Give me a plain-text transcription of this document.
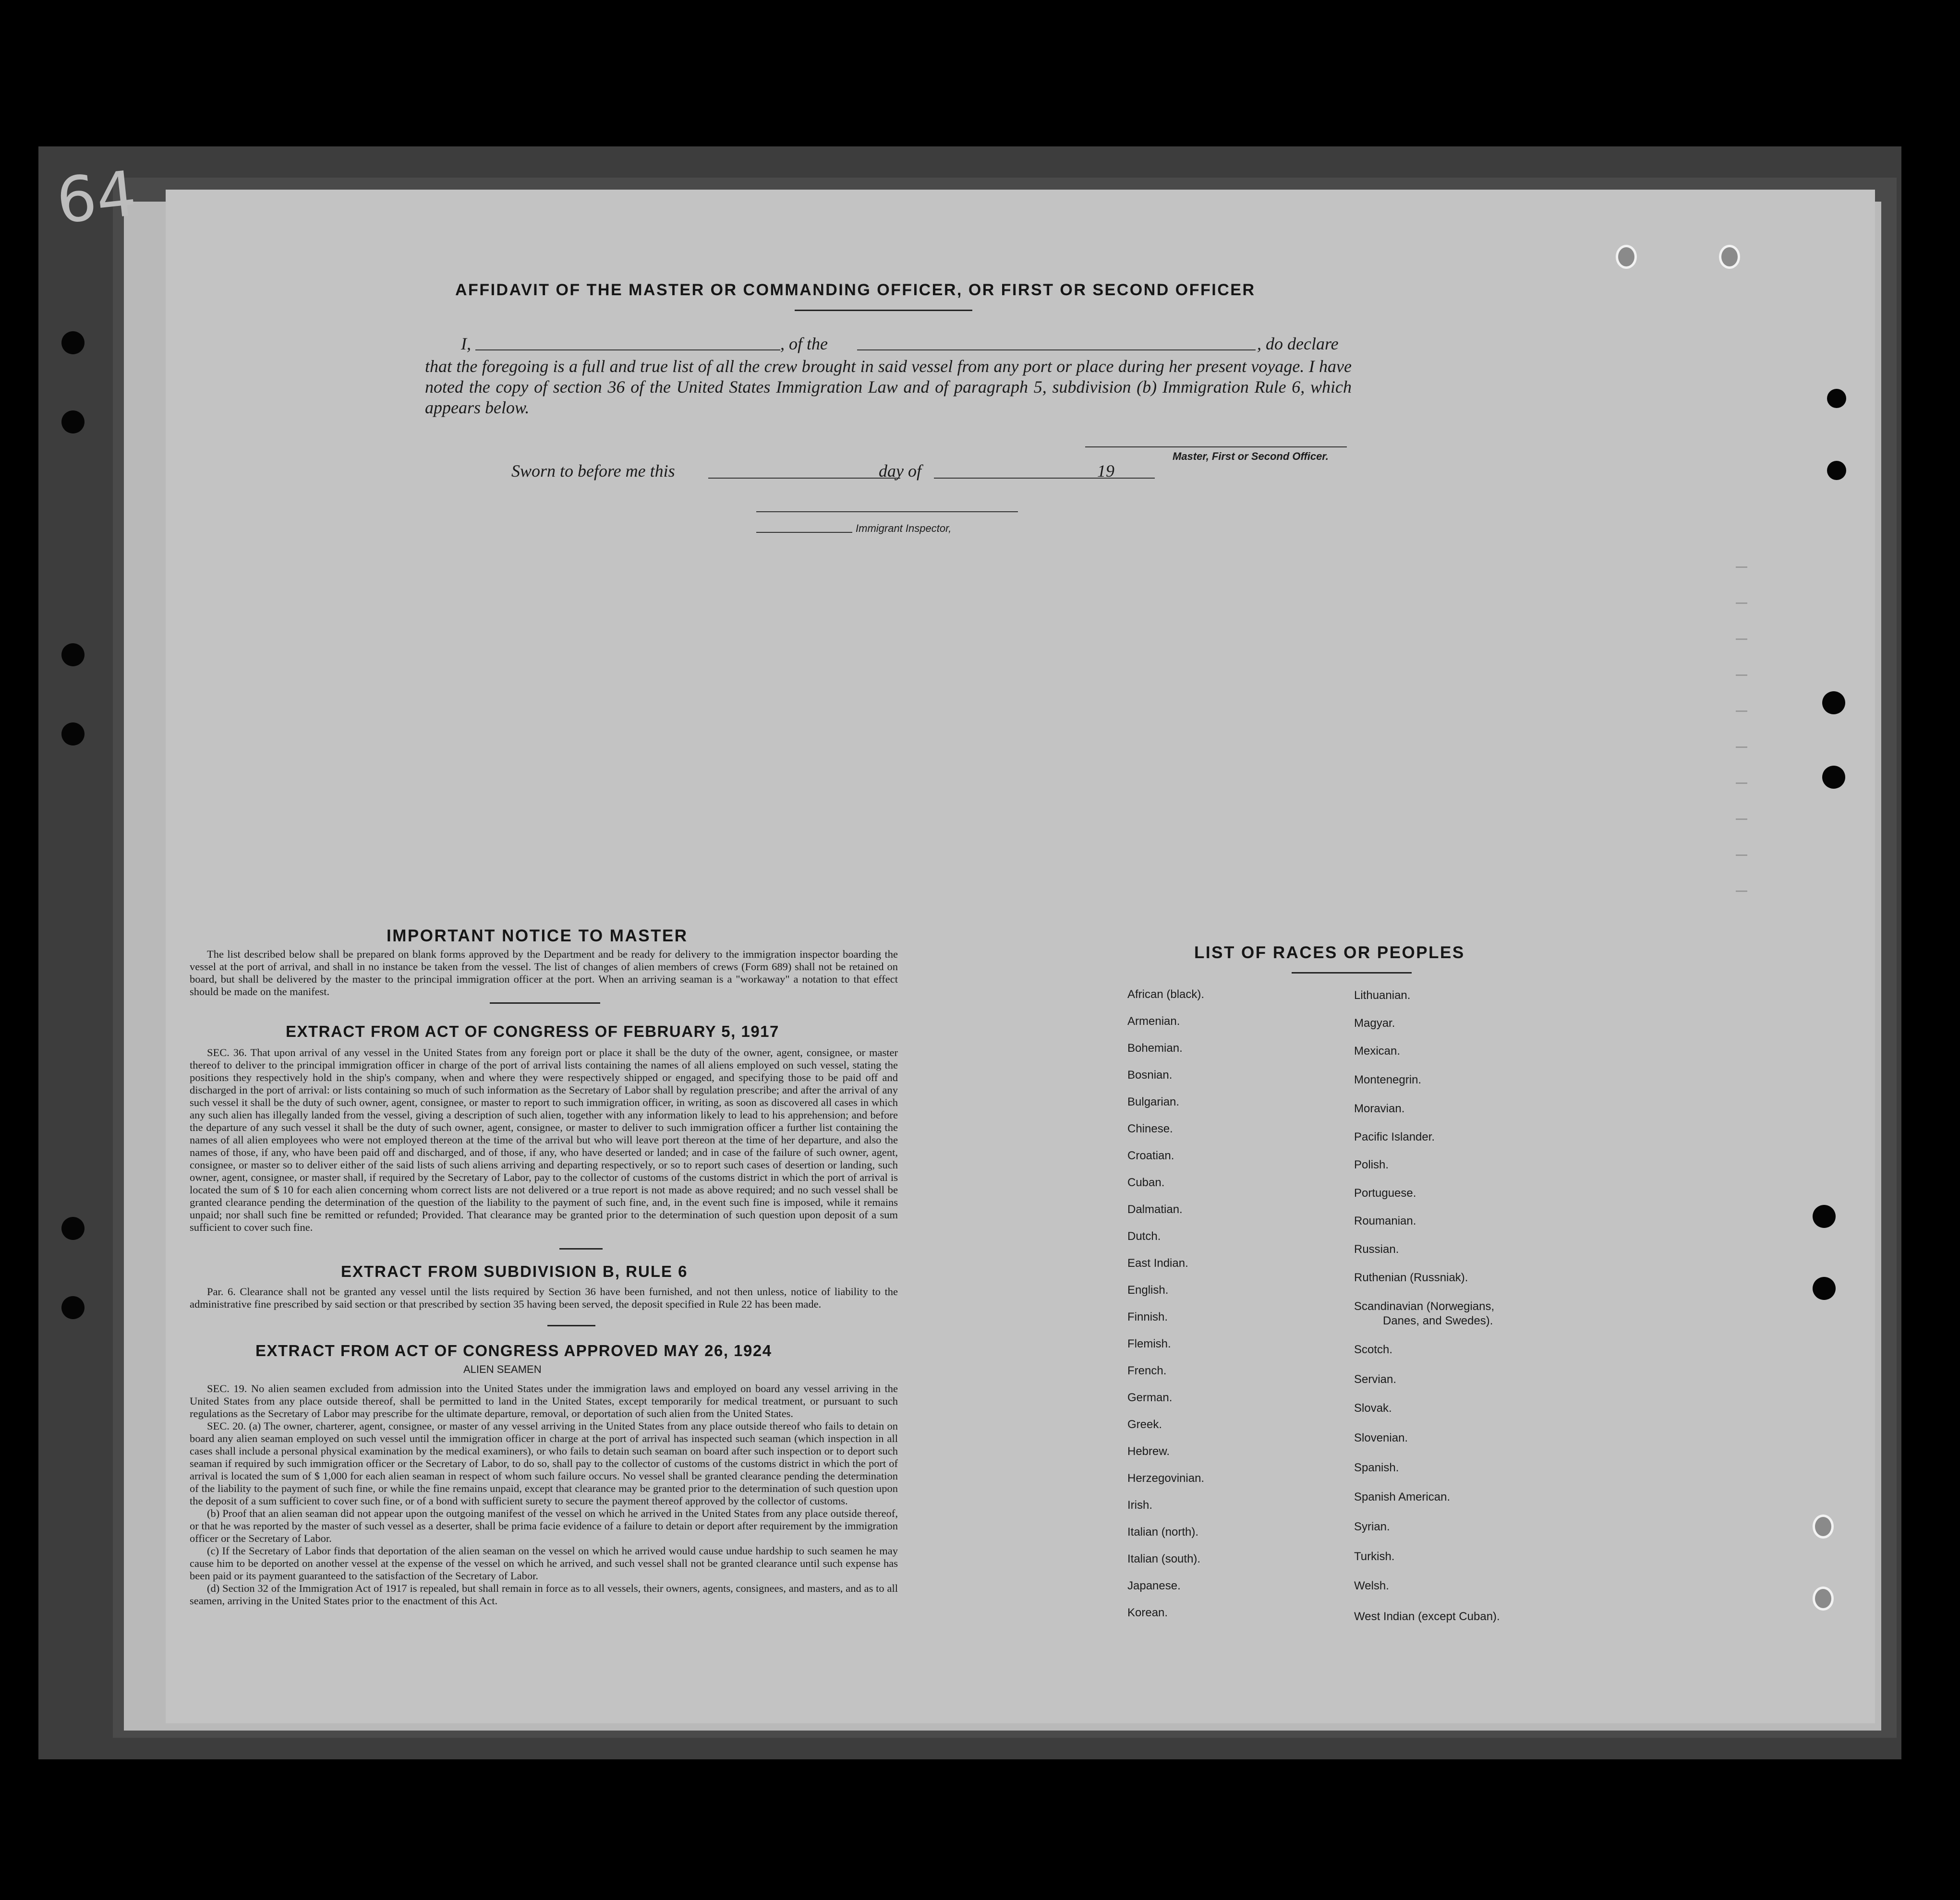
64
AFFIDAVIT OF THE MASTER OR COMMANDING OFFICER, OR FIRST OR SECOND OFFICER
I,	, of the	, do declare
that the foregoing is a full and true list of all the crew brought in said vessel from any port or place during her present voyage. I have noted the copy of section 36 of the United States Immigration Law and of paragraph 5, subdivision (b) Immigration Rule 6, which appears below.
Master, First or Second Officer.
Sworn to before me this	day of	19
Immigrant Inspector,
IMPORTANT NOTICE TO MASTER

The list described below shall be prepared on blank forms approved by the Department and be ready for delivery to the immigration inspector boarding the vessel at the port of arrival, and shall in no instance be taken from the vessel. The list of changes of alien members of crews (Form 689) shall not be retained on board, but shall be delivered by the master to the principal immigration officer at the port. When an arriving seaman is a "workaway" a notation to that effect should be made on the manifest.

EXTRACT FROM ACT OF CONGRESS OF FEBRUARY 5, 1917

SEC. 36. That upon arrival of any vessel in the United States from any foreign port or place it shall be the duty of the owner, agent, consignee, or master thereof to deliver to the principal immigration officer in charge of the port of arrival lists containing the names of all aliens employed on such vessel, stating the positions they respectively hold in the ship's company, when and where they were respectively shipped or engaged, and specifying those to be paid off and discharged in the port of arrival: or lists containing so much of such information as the Secretary of Labor shall by regulation prescribe; and after the arrival of any such vessel it shall be the duty of such owner, agent, consignee, or master to report to such immigration officer, in writing, as soon as discovered all cases in which any such alien has illegally landed from the vessel, giving a description of such alien, together with any information likely to lead to his apprehension; and before the departure of any such vessel it shall be the duty of such owner, agent, consignee, or master to deliver to such immigration officer a further list containing the names of all alien employees who were not employed thereon at the time of the arrival but who will leave port thereon at the time of her departure, and also the names of those, if any, who have been paid off and discharged, and of those, if any, who have deserted or landed; and in case of the failure of such owner, agent, consignee, or master so to deliver either of the said lists of such aliens arriving and departing respectively, or so to report such cases of desertion or landing, such owner, agent, consignee, or master shall, if required by the Secretary of Labor, pay to the collector of customs of the customs district in which the port of arrival is located the sum of $ 10 for each alien concerning whom correct lists are not delivered or a true report is not made as above required; and no such vessel shall be granted clearance pending the determination of the question of the liability to the payment of such fine, and, in the event such fine is imposed, while it remains unpaid; nor shall such fine be remitted or refunded; Provided. That clearance may be granted prior to the determination of such question upon deposit of a sum sufficient to cover such fine.

EXTRACT FROM SUBDIVISION B, RULE 6

Par. 6. Clearance shall not be granted any vessel until the lists required by Section 36 have been furnished, and not then unless, notice of liability to the administrative fine prescribed by said section or that prescribed by section 35 having been served, the deposit specified in Rule 22 has been made.

EXTRACT FROM ACT OF CONGRESS APPROVED MAY 26, 1924
ALIEN SEAMEN

SEC. 19. No alien seamen excluded from admission into the United States under the immigration laws and employed on board any vessel arriving in the United States from any place outside thereof, shall be permitted to land in the United States, except temporarily for medical treatment, or pursuant to such regulations as the Secretary of Labor may prescribe for the ultimate departure, removal, or deportation of such alien from the United States.

SEC. 20. (a) The owner, charterer, agent, consignee, or master of any vessel arriving in the United States from any place outside thereof who fails to detain on board any alien seaman employed on such vessel until the immigration officer in charge at the port of arrival has inspected such seaman (which inspection in all cases shall include a personal physical examination by the medical examiners), or who fails to detain such seaman on board after such inspection or to deport such seaman if required by such immigration officer or the Secretary of Labor, to do so, shall pay to the collector of customs of the customs district in which the port of arrival is located the sum of $ 1,000 for each alien seaman in respect of whom such failure occurs. No vessel shall be granted clearance pending the determination of the liability to the payment of such fine, or while the fine remains unpaid, except that clearance may be granted prior to the determination of such question upon the deposit of a sum sufficient to cover such fine, or of a bond with sufficient surety to secure the payment thereof approved by the collector of customs.

(b) Proof that an alien seaman did not appear upon the outgoing manifest of the vessel on which he arrived in the United States from any place outside thereof, or that he was reported by the master of such vessel as a deserter, shall be prima facie evidence of a failure to detain or deport after requirement by the immigration officer or the Secretary of Labor.

(c) If the Secretary of Labor finds that deportation of the alien seaman on the vessel on which he arrived would cause undue hardship to such seamen he may cause him to be deported on another vessel at the expense of the vessel on which he arrived, and such vessel shall not be granted clearance until such expense has been paid or its payment guaranteed to the satisfaction of the Secretary of Labor.

(d) Section 32 of the Immigration Act of 1917 is repealed, but shall remain in force as to all vessels, their owners, agents, consignees, and masters, and as to all seamen, arriving in the United States prior to the enactment of this Act.

LIST OF RACES OR PEOPLES
African (black).
Armenian.
Bohemian.
Bosnian.
Bulgarian.
Chinese.
Croatian.
Cuban.
Dalmatian.
Dutch.
East Indian.
English.
Finnish.
Flemish.
French.
German.
Greek.
Hebrew.
Herzegovinian.
Irish.
Italian (north).
Italian (south).
Japanese.
Korean.
Lithuanian.
Magyar.
Mexican.
Montenegrin.
Moravian.
Pacific Islander.
Polish.
Portuguese.
Roumanian.
Russian.
Ruthenian (Russniak).
Scandinavian (Norwegians,
Danes, and Swedes).
Scotch.
Servian.
Slovak.
Slovenian.
Spanish.
Spanish American.
Syrian.
Turkish.
Welsh.
West Indian (except Cuban).
